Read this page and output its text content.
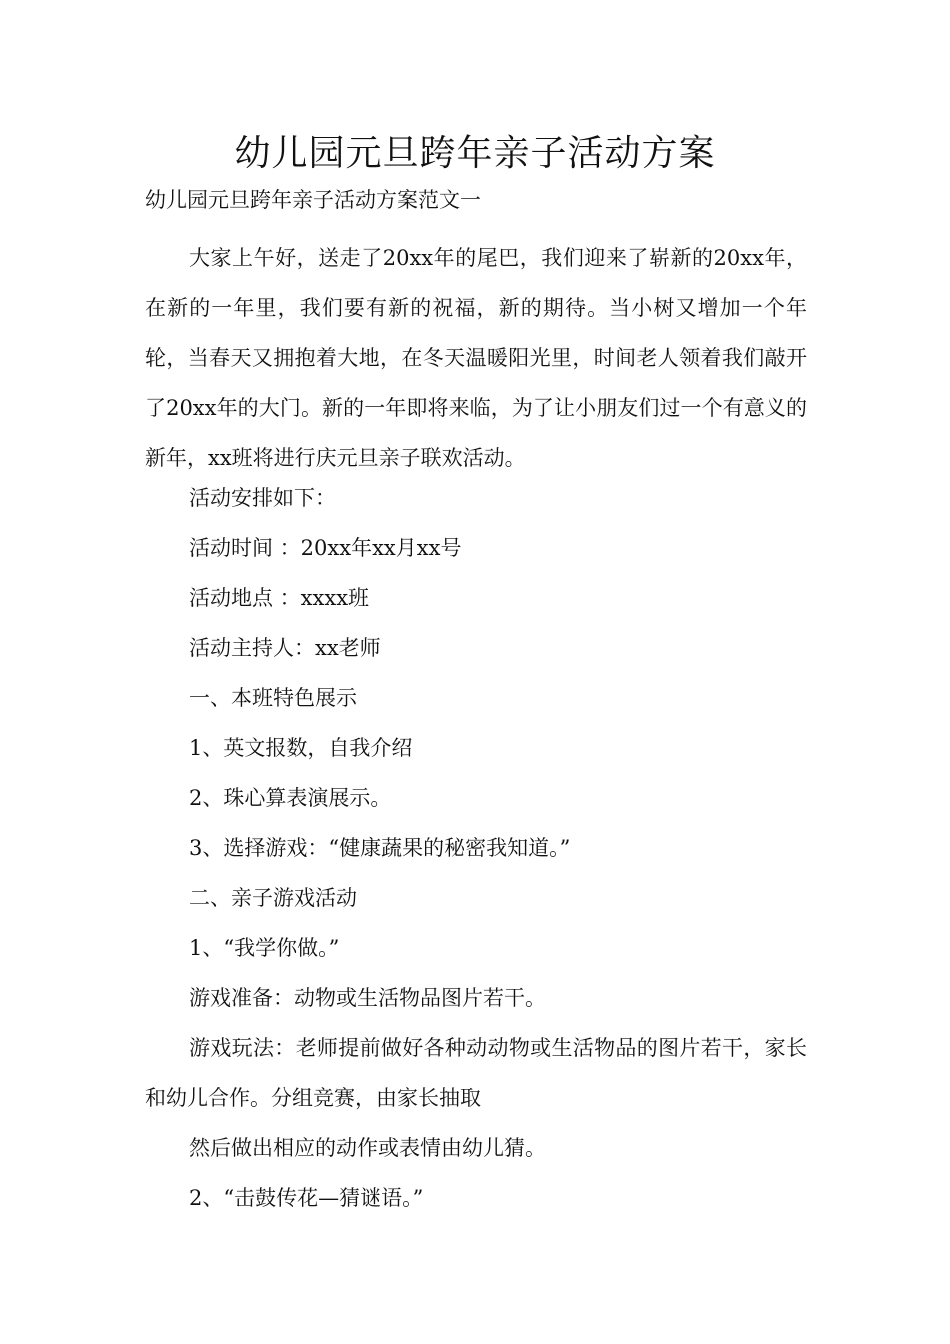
幼儿园元旦跨年亲子活动方案

幼儿园元旦跨年亲子活动方案范文一

大家上午好，送走了20xx年的尾巴，我们迎来了崭新的20xx年，在新的一年里，我们要有新的祝福，新的期待。当小树又增加一个年轮，当春天又拥抱着大地，在冬天温暖阳光里，时间老人领着我们敲开了20xx年的大门。新的一年即将来临，为了让小朋友们过一个有意义的新年，xx班将进行庆元旦亲子联欢活动。

活动安排如下：

活动时间 ：20xx年xx月xx号

活动地点 ：xxxx班

活动主持人：xx老师

一、本班特色展示

1、英文报数，自我介绍

2、珠心算表演展示。

3、选择游戏：“健康蔬果的秘密我知道。”

二、亲子游戏活动

1、“我学你做。”

游戏准备：动物或生活物品图片若干。

游戏玩法：老师提前做好各种动动物或生活物品的图片若干，家长和幼儿合作。分组竞赛，由家长抽取

然后做出相应的动作或表情由幼儿猜。

2、“击鼓传花—猜谜语。”
